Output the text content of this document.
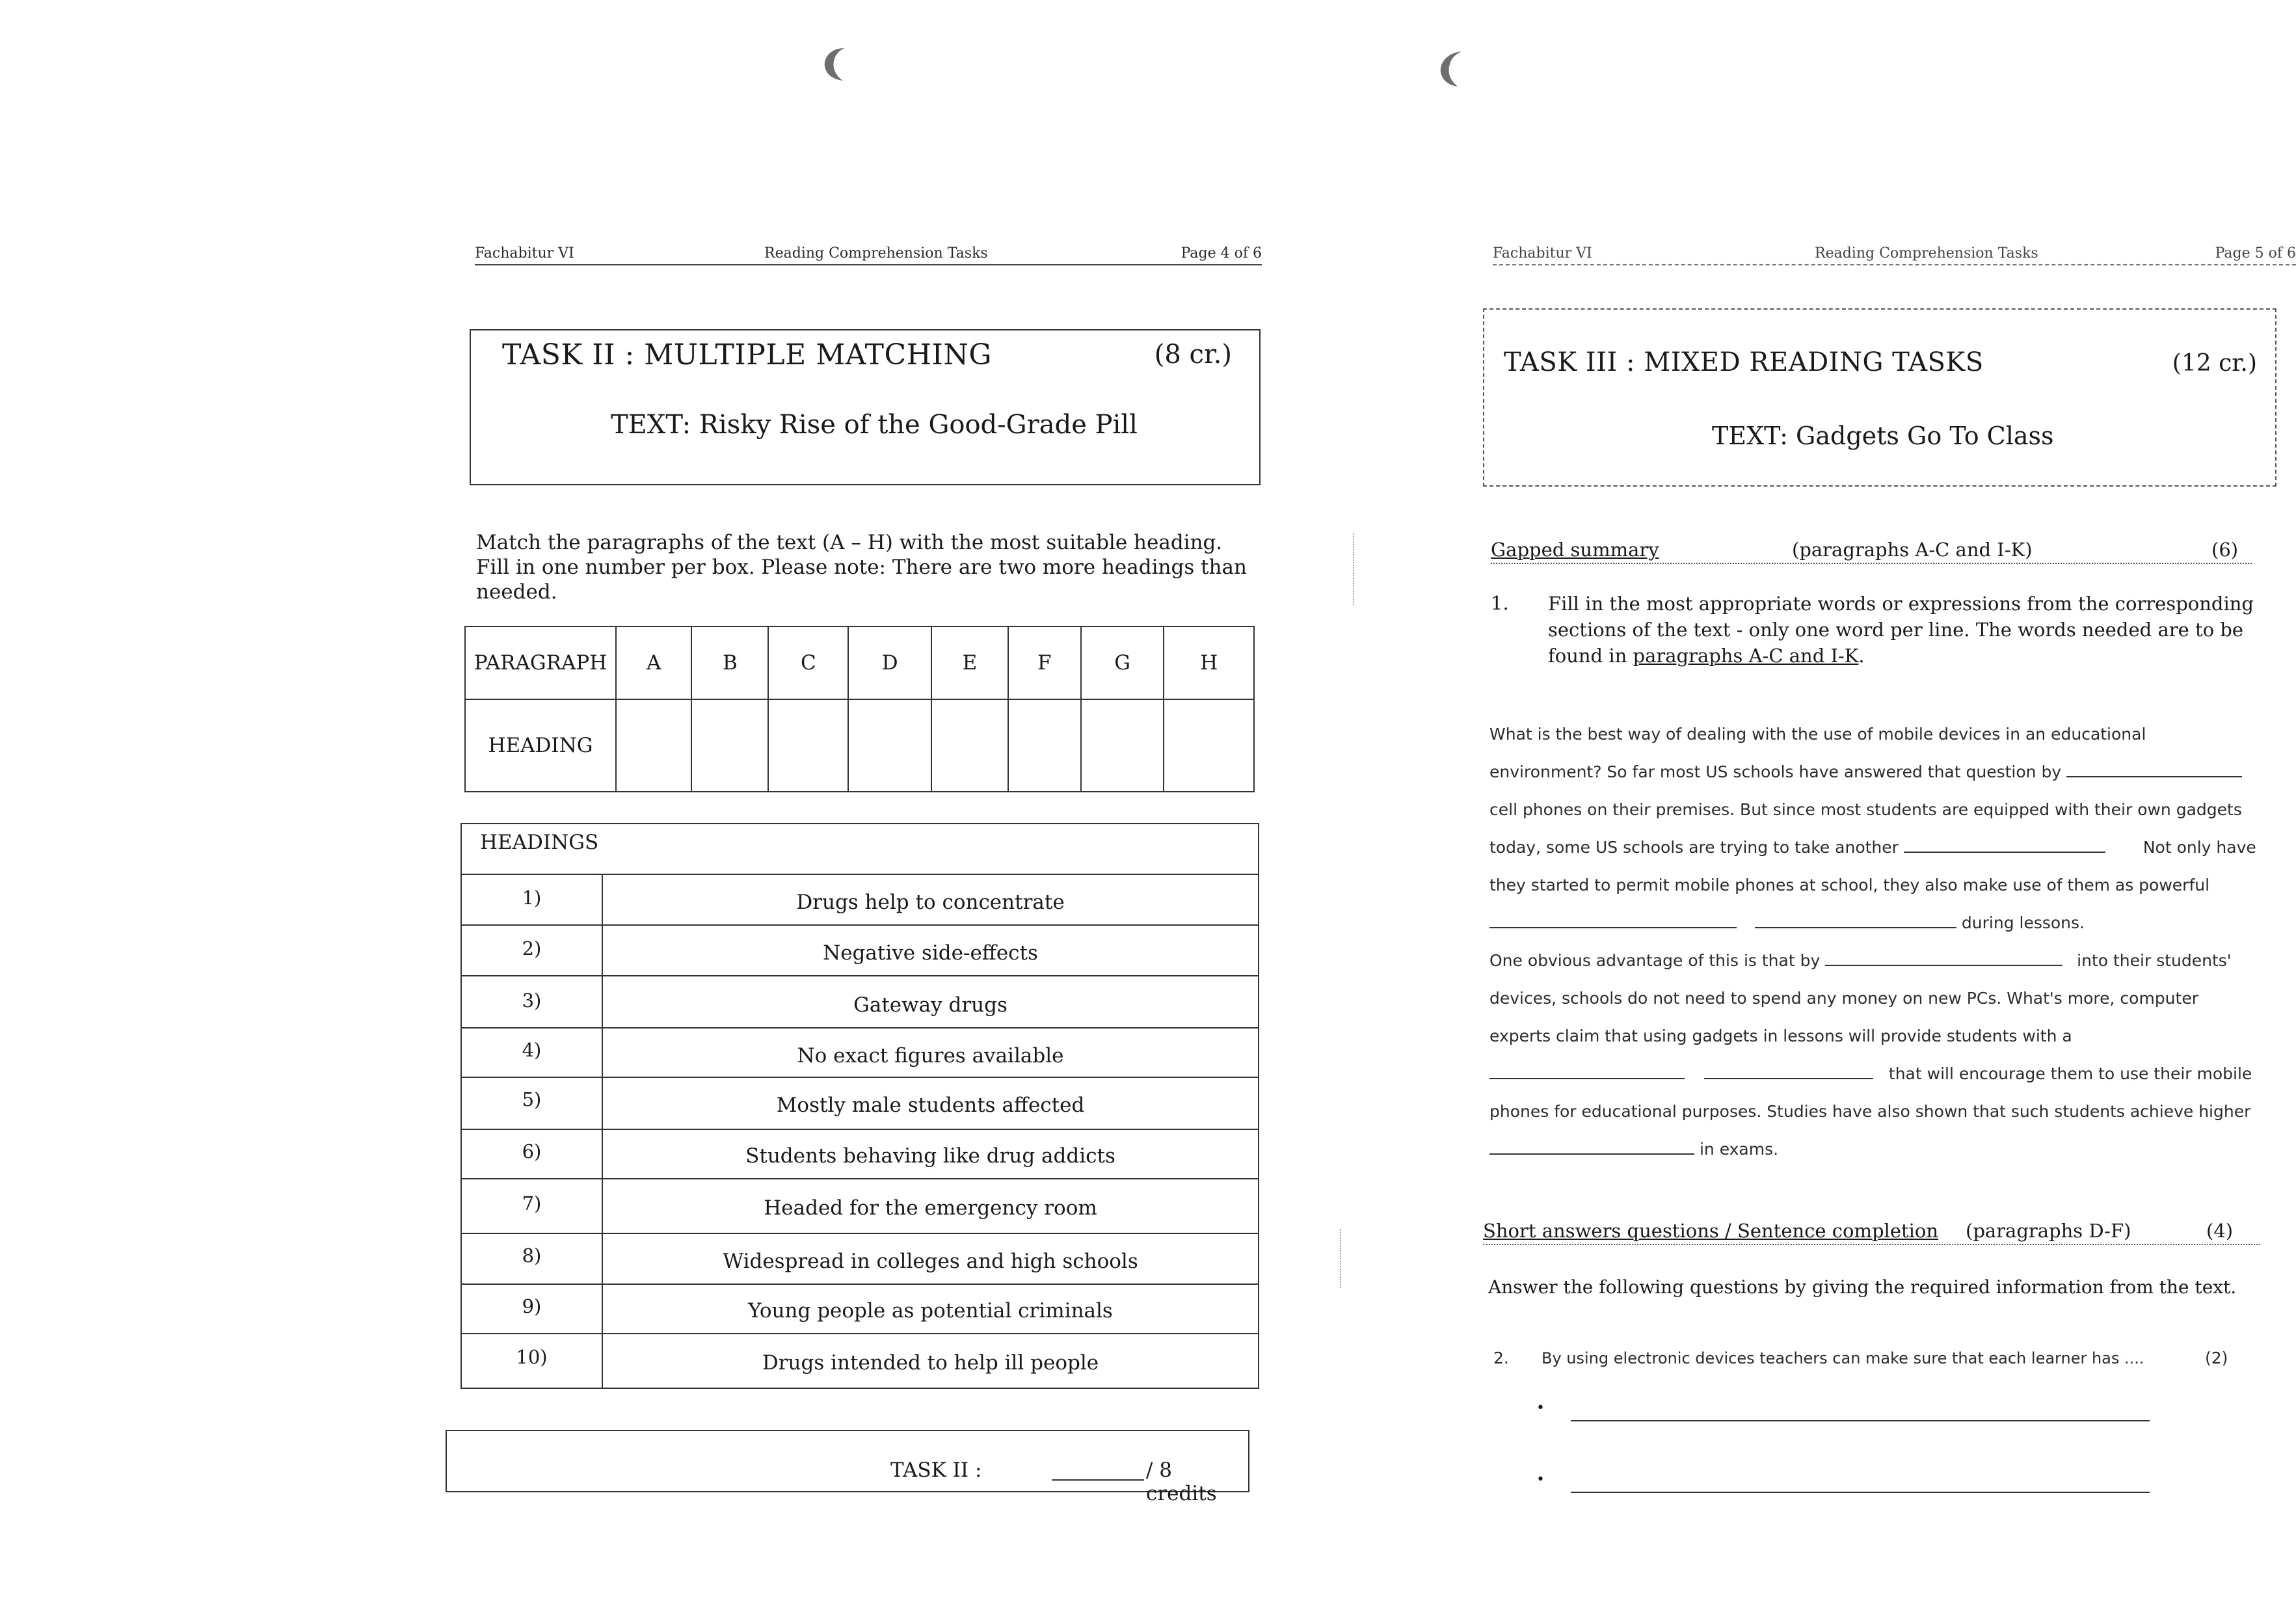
Fachabitur VI	Reading Comprehension Tasks	Page 4 of 6
TASK II : MULTIPLE MATCHING	(8 cr.)
TEXT: Risky Rise of the Good-Grade Pill
Match the paragraphs of the text (A – H) with the most suitable heading. Fill in one number per box. Please note: There are two more headings than needed.
PARAGRAPH	A	B	C	D	E	F	G	H
HEADING								
HEADINGS
1)	Drugs help to concentrate
2)	Negative side-effects
3)	Gateway drugs
4)	No exact figures available
5)	Mostly male students affected
6)	Students behaving like drug addicts
7)	Headed for the emergency room
8)	Widespread in colleges and high schools
9)	Young people as potential criminals
10)	Drugs intended to help ill people
TASK II :	/ 8 credits
Fachabitur VI	Reading Comprehension Tasks	Page 5 of 6
TASK III : MIXED READING TASKS	(12 cr.)
TEXT: Gadgets Go To Class
Gapped summary	(paragraphs A-C and I-K)	(6)
1. Fill in the most appropriate words or expressions from the corresponding sections of the text - only one word per line. The words needed are to be found in paragraphs A-C and I-K.
What is the best way of dealing with the use of mobile devices in an educational
environment? So far most US schools have answered that question by
cell phones on their premises. But since most students are equipped with their own gadgets
today, some US schools are trying to take another	Not only have
they started to permit mobile phones at school, they also make use of them as powerful
during lessons.
One obvious advantage of this is that by	into their students'
devices, schools do not need to spend any money on new PCs. What's more, computer
experts claim that using gadgets in lessons will provide students with a
that will encourage them to use their mobile
phones for educational purposes. Studies have also shown that such students achieve higher
in exams.
Short answers questions / Sentence completion (paragraphs D-F)	(4)
Answer the following questions by giving the required information from the text.
2. By using electronic devices teachers can make sure that each learner has ....	(2)
•
•
